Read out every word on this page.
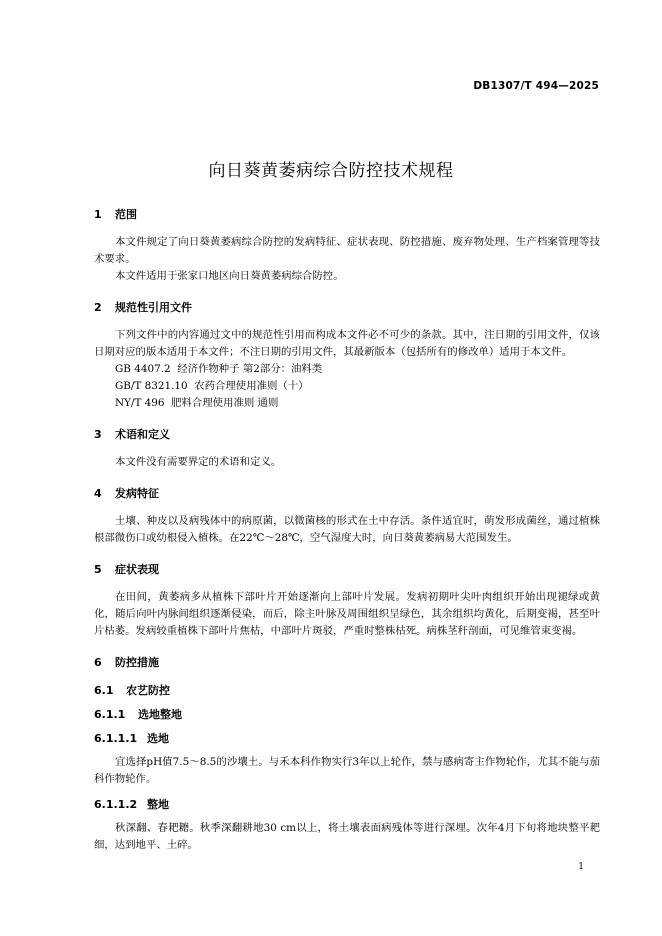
DB1307/T 494—2025
向日葵黄萎病综合防控技术规程
1 范围

本文件规定了向日葵黄萎病综合防控的发病特征、症状表现、防控措施、废弃物处理、生产档案管理等技术要求。

本文件适用于张家口地区向日葵黄萎病综合防控。

2 规范性引用文件

下列文件中的内容通过文中的规范性引用而构成本文件必不可少的条款。其中，注日期的引用文件，仅该日期对应的版本适用于本文件；不注日期的引用文件，其最新版本（包括所有的修改单）适用于本文件。

GB 4407.2  经济作物种子 第2部分：油料类
GB/T 8321.10  农药合理使用准则（十）
NY/T 496  肥料合理使用准则 通则
3 术语和定义

本文件没有需要界定的术语和定义。

4 发病特征

土壤、种皮以及病残体中的病原菌，以微菌核的形式在土中存活。条件适宜时，萌发形成菌丝，通过植株根部微伤口或幼根侵入植株。在22℃～28℃，空气湿度大时，向日葵黄萎病易大范围发生。

5 症状表现

在田间，黄萎病多从植株下部叶片开始逐渐向上部叶片发展。发病初期叶尖叶肉组织开始出现褪绿或黄化，随后向叶内脉间组织逐渐侵染，而后，除主叶脉及周围组织呈绿色，其余组织均黄化，后期变褐，甚至叶片枯萎。发病较重植株下部叶片焦枯，中部叶片斑驳，严重时整株枯死。病株茎秆剖面，可见维管束变褐。

6 防控措施
6.1 农艺防控
6.1.1 选地整地
6.1.1.1 选地

宜选择pH值7.5～8.5的沙壤土。与禾本科作物实行3年以上轮作，禁与感病寄主作物轮作，尤其不能与茄科作物轮作。

6.1.1.2 整地

秋深翻、春耙耱。秋季深翻耕地30 cm以上，将土壤表面病残体等进行深埋。次年4月下旬将地块整平耙细，达到地平、土碎。

1
